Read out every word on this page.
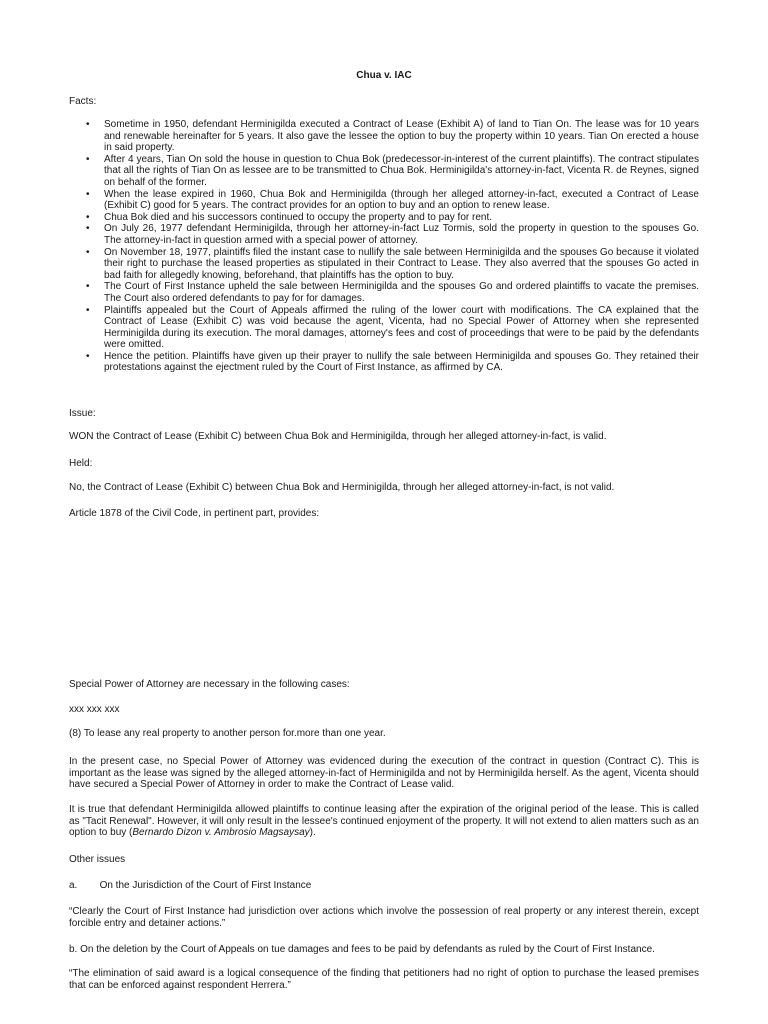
Chua v. IAC
Facts:
• Sometime in 1950, defendant Herminigilda executed a Contract of Lease (Exhibit A) of land to Tian On. The lease was for 10 years and renewable hereinafter for 5 years. It also gave the lessee the option to buy the property within 10 years. Tian On erected a house in said property.
• After 4 years, Tian On sold the house in question to Chua Bok (predecessor-in-interest of the current plaintiffs). The contract stipulates that all the rights of Tian On as lessee are to be transmitted to Chua Bok. Herminigilda's attorney-in-fact, Vicenta R. de Reynes, signed on behalf of the former.
• When the lease expired in 1960, Chua Bok and Herminigilda (through her alleged attorney-in-fact, executed a Contract of Lease (Exhibit C) good for 5 years. The contract provides for an option to buy and an option to renew lease.
• Chua Bok died and his successors continued to occupy the property and to pay for rent.
• On July 26, 1977 defendant Herminigilda, through her attorney-in-fact Luz Tormis, sold the property in question to the spouses Go. The attorney-in-fact in question armed with a special power of attorney.
• On November 18, 1977, plaintiffs filed the instant case to nullify the sale between Herminigilda and the spouses Go because it violated their right to purchase the leased properties as stipulated in their Contract to Lease. They also averred that the spouses Go acted in bad faith for allegedly knowing, beforehand, that plaintiffs has the option to buy.
• The Court of First Instance upheld the sale between Herminigilda and the spouses Go and ordered plaintiffs to vacate the premises. The Court also ordered defendants to pay for for damages.
• Plaintiffs appealed but the Court of Appeals affirmed the ruling of the lower court with modifications. The CA explained that the Contract of Lease (Exhibit C) was void because the agent, Vicenta, had no Special Power of Attorney when she represented Herminigilda during its execution. The moral damages, attorney's fees and cost of proceedings that were to be paid by the defendants were omitted.
• Hence the petition. Plaintiffs have given up their prayer to nullify the sale between Herminigilda and spouses Go. They retained their protestations against the ejectment ruled by the Court of First Instance, as affirmed by CA.
Issue:
WON the Contract of Lease (Exhibit C) between Chua Bok and Herminigilda, through her alleged attorney-in-fact, is valid.
Held:
No, the Contract of Lease (Exhibit C) between Chua Bok and Herminigilda, through her alleged attorney-in-fact, is not valid.
Article 1878 of the Civil Code, in pertinent part, provides:
Special Power of Attorney are necessary in the following cases:
xxx xxx xxx
(8) To lease any real property to another person for.more than one year.
In the present case, no Special Power of Attorney was evidenced during the execution of the contract in question (Contract C). This is important as the lease was signed by the alleged attorney-in-fact of Herminigilda and not by Herminigilda herself. As the agent, Vicenta should have secured a Special Power of Attorney in order to make the Contract of Lease valid.
It is true that defendant Herminigilda allowed plaintiffs to continue leasing after the expiration of the original period of the lease. This is called as "Tacit Renewal". However, it will only result in the lessee's continued enjoyment of the property. It will not extend to alien matters such as an option to buy (Bernardo Dizon v. Ambrosio Magsaysay).
Other issues
a.        On the Jurisdiction of the Court of First Instance
“Clearly the Court of First Instance had jurisdiction over actions which involve the possession of real property or any interest therein, except forcible entry and detainer actions.”
b. On the deletion by the Court of Appeals on tue damages and fees to be paid by defendants as ruled by the Court of First Instance.
“The elimination of said award is a logical consequence of the finding that petitioners had no right of option to purchase the leased premises that can be enforced against respondent Herrera.”
